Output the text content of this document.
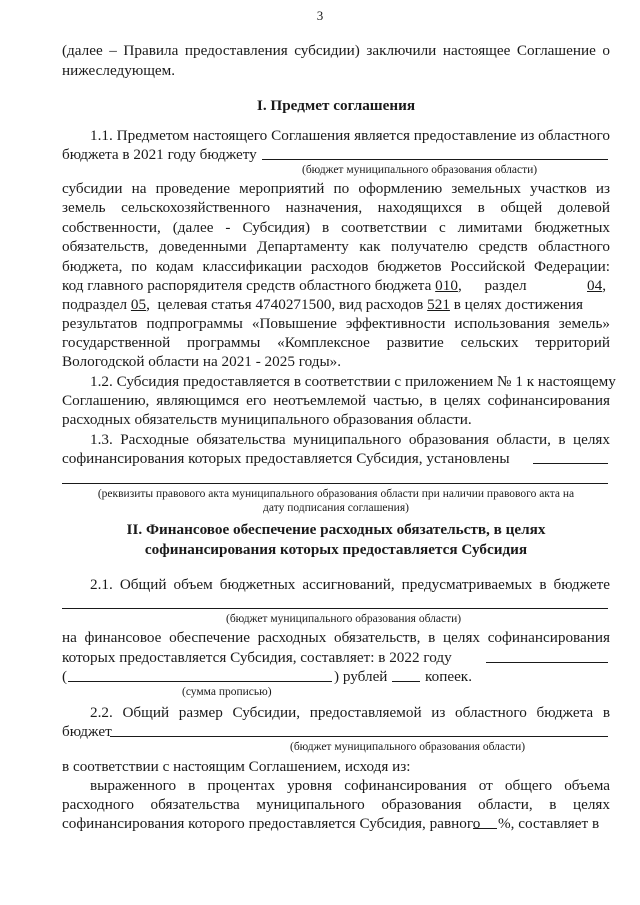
3
(далее – Правила предоставления субсидии) заключили настоящее Соглашение о
нижеследующем.
I. Предмет соглашения
1.1. Предметом настоящего Соглашения является предоставление из областного
бюджета в 2021 году бюджету
(бюджет муниципального образования области)
субсидии на проведение мероприятий по оформлению земельных участков из
земель сельскохозяйственного назначения, находящихся в общей долевой
собственности, (далее - Субсидия) в соответствии с лимитами бюджетных
обязательств, доведенными Департаменту как получателю средств областного
бюджета, по кодам классификации расходов бюджетов Российской Федерации:
код главного распорядителя средств областного бюджета 010,      раздел	04,
подраздел 05,  целевая статья 4740271500, вид расходов 521 в целях достижения
результатов подпрограммы «Повышение эффективности использования земель»
государственной программы «Комплексное развитие сельских территорий
Вологодской области на 2021 - 2025 годы».
1.2. Субсидия предоставляется в соответствии с приложением № 1 к настоящему
Соглашению, являющимся его неотъемлемой частью, в целях софинансирования
расходных обязательств муниципального образования области.
1.3. Расходные обязательства муниципального образования области, в целях
софинансирования которых предоставляется Субсидия, установлены
(реквизиты правового акта муниципального образования области при наличии правового акта на
дату подписания соглашения)
II. Финансовое обеспечение расходных обязательств, в целях
софинансирования которых предоставляется Субсидия
2.1. Общий объем бюджетных ассигнований, предусматриваемых в бюджете
(бюджет муниципального образования области)
на финансовое обеспечение расходных обязательств, в целях софинансирования
которых предоставляется Субсидия, составляет: в 2022 году
(	) рублей копеек.
(сумма прописью)
2.2. Общий размер Субсидии, предоставляемой из областного бюджета в
бюджет
(бюджет муниципального образования области)
в соответствии с настоящим Соглашением, исходя из:
выраженного в процентах уровня софинансирования от общего объема
расходного обязательства муниципального образования области, в целях
софинансирования которого предоставляется Субсидия, равного %, составляет в
